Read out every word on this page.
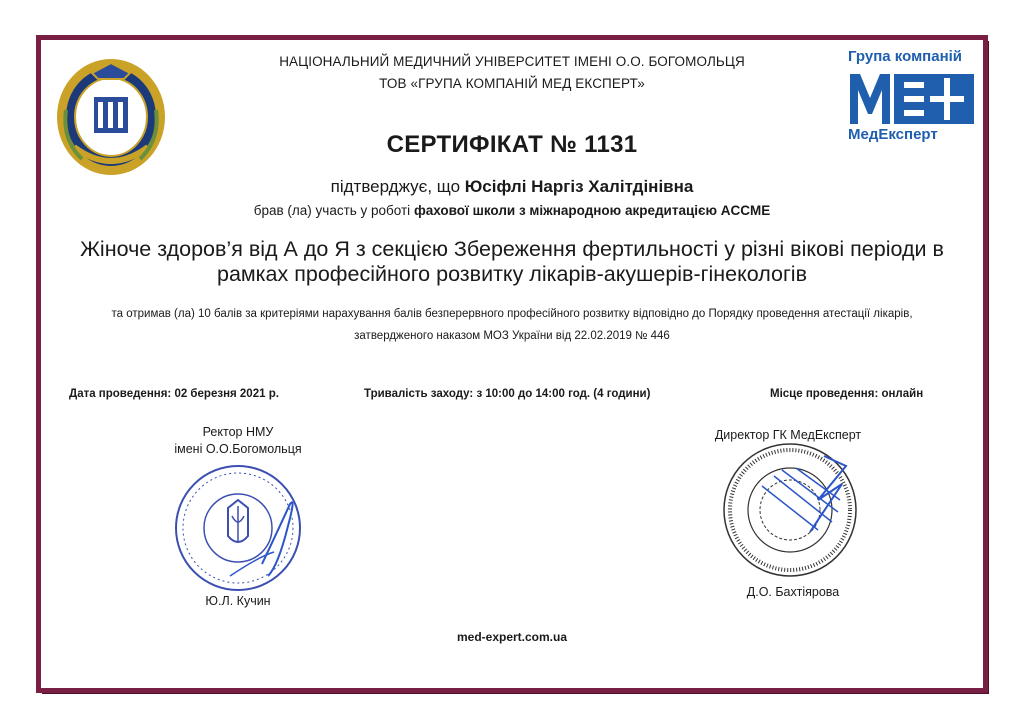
Група компаній
МедЕксперт
НАЦІОНАЛЬНИЙ МЕДИЧНИЙ УНІВЕРСИТЕТ ІМЕНІ О.О. БОГОМОЛЬЦЯ
ТОВ «ГРУПА КОМПАНІЙ МЕД ЕКСПЕРТ»
СЕРТИФІКАТ № 1131
підтверджує, що Юсіфлі Наргіз Халітдінівна
брав (ла) участь у роботі фахової школи з міжнародною акредитацією ACCME
Жіноче здоров’я від А до Я з секцією Збереження фертильності у різні вікові періоди в
рамках професійного розвитку лікарів-акушерів-гінекологів
та отримав (ла) 10 балів за критеріями нарахування балів безперервного професійного розвитку відповідно до Порядку проведення атестації лікарів,
затвердженого наказом МОЗ України від 22.02.2019 № 446
Дата проведення: 02 березня 2021 р.	Тривалість заходу: з 10:00 до 14:00 год. (4 години)	Місце проведення: онлайн
Ректор НМУ
імені О.О.Богомольця
Ю.Л. Кучин
Директор ГК МедЕксперт
Д.О. Бахтіярова
med-expert.com.ua
